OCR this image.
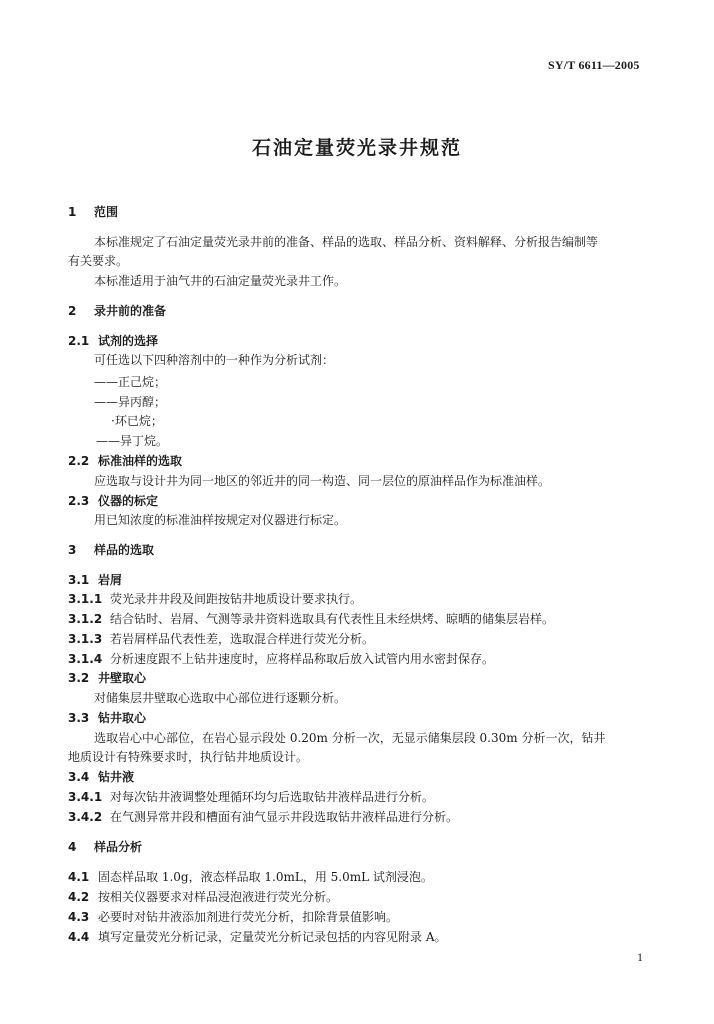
SY/T 6611—2005
石油定量荧光录井规范
1 范围
本标准规定了石油定量荧光录井前的准备、样品的选取、样品分析、资料解释、分析报告编制等
有关要求。
本标准适用于油气井的石油定量荧光录井工作。
2 录井前的准备
2.1 试剂的选择
可任选以下四种溶剂中的一种作为分析试剂：
——正己烷；
——异丙醇；
·环已烷；
——异丁烷。
2.2 标准油样的选取
应选取与设计井为同一地区的邻近井的同一构造、同一层位的原油样品作为标准油样。
2.3 仪器的标定
用已知浓度的标准油样按规定对仪器进行标定。
3 样品的选取
3.1 岩屑
3.1.1 荧光录井井段及间距按钻井地质设计要求执行。
3.1.2 结合钻时、岩屑、气测等录井资料选取具有代表性且未经烘烤、晾晒的储集层岩样。
3.1.3 若岩屑样品代表性差，选取混合样进行荧光分析。
3.1.4 分析速度跟不上钻井速度时，应将样品称取后放入试管内用水密封保存。
3.2 井壁取心
对储集层井壁取心选取中心部位进行逐颗分析。
3.3 钻井取心
选取岩心中心部位，在岩心显示段处 0.20m 分析一次，无显示储集层段 0.30m 分析一次，钻井
地质设计有特殊要求时，执行钻井地质设计。
3.4 钻井液
3.4.1 对每次钻井液调整处理循环均匀后选取钻井液样品进行分析。
3.4.2 在气测异常井段和槽面有油气显示井段选取钻井液样品进行分析。
4 样品分析
4.1 固态样品取 1.0g，液态样品取 1.0mL，用 5.0mL 试剂浸泡。
4.2 按相关仪器要求对样品浸泡液进行荧光分析。
4.3 必要时对钻井液添加剂进行荧光分析，扣除背景值影响。
4.4 填写定量荧光分析记录，定量荧光分析记录包括的内容见附录 A。
1
